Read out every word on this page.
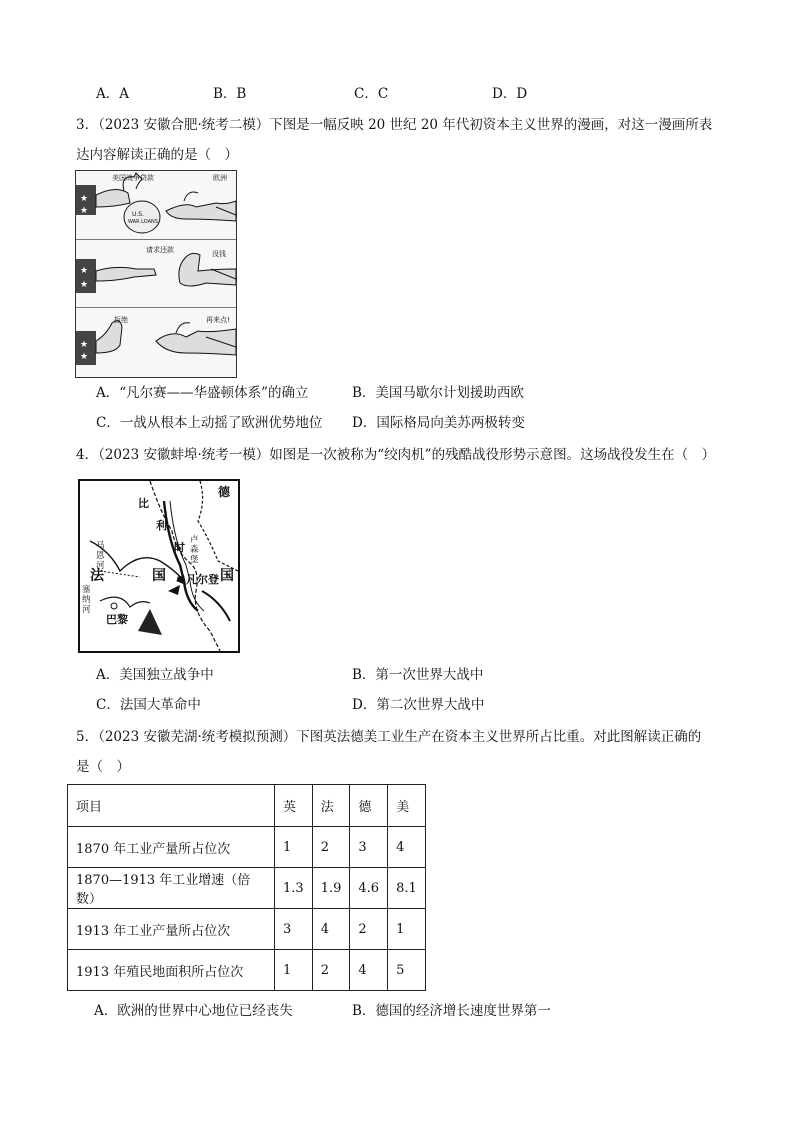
A．A	B．B	C．C	D．D
3．（2023 安徽合肥·统考二模）下图是一幅反映 20 世纪 20 年代初资本主义世界的漫画，对这一漫画所表
达内容解读正确的是（　）
★
★
美国战争贷款	欧洲
U.S.
WAR LOANS
★
★
请求还款	没钱
★
★
拒绝	再来点!
A．“凡尔赛——华盛顿体系”的确立	B．美国马歇尔计划援助西欧
C．一战从根本上动摇了欧洲优势地位 D．国际格局向美苏两极转变
4．（2023 安徽蚌埠·统考一模）如图是一次被称为“绞肉机”的残酷战役形势示意图。这场战役发生在（　）
德
比
利
时
卢森堡
法	国	国
凡尔登
巴黎
马恩河
塞纳河
A．美国独立战争中	B．第一次世界大战中
C．法国大革命中	D．第二次世界大战中
5．（2023 安徽芜湖·统考模拟预测）下图英法德美工业生产在资本主义世界所占比重。对此图解读正确的
是（　）
项目	英	法	德	美
1870 年工业产量所占位次	1	2	3	4
1870—1913 年工业增速（倍数）	1.3	1.9	4.6	8.1
1913 年工业产量所占位次	3	4	2	1
1913 年殖民地面积所占位次	1	2	4	5
A．欧洲的世界中心地位已经丧失	B．德国的经济增长速度世界第一
